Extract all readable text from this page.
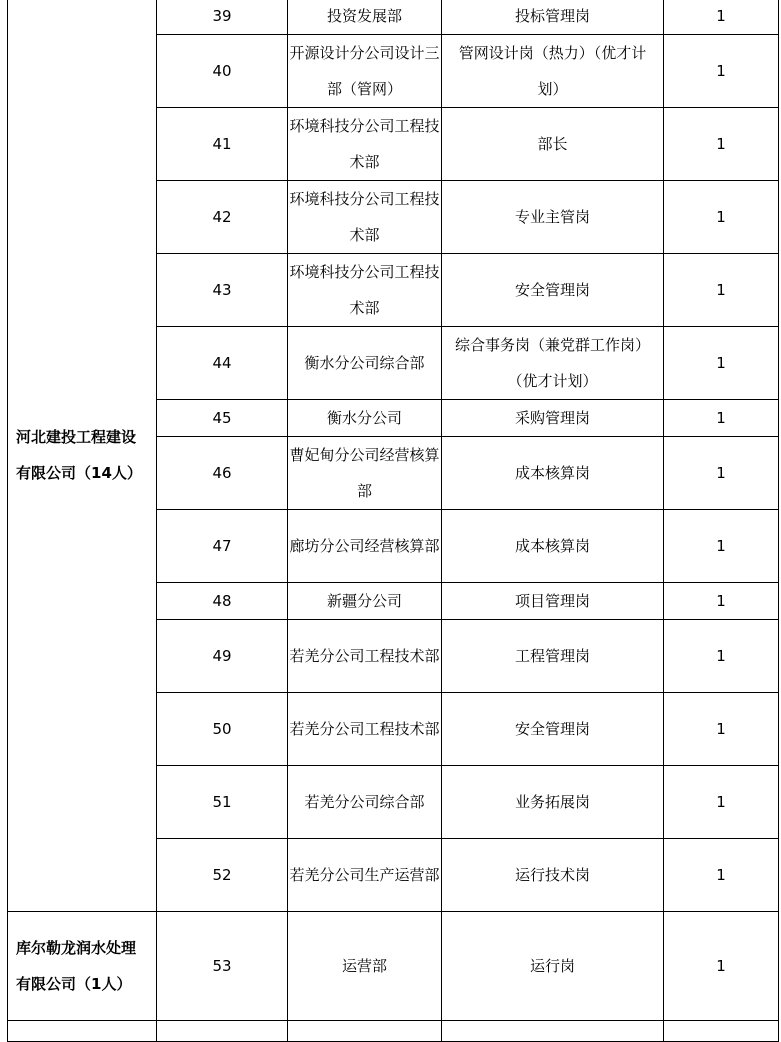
河北建投工程建设有限公司（14人）	39	投资发展部	投标管理岗	1
	40	开源设计分公司设计三部（管网）	管网设计岗（热力）（优才计划）	1
	41	环境科技分公司工程技术部	部长	1
	42	环境科技分公司工程技术部	专业主管岗	1
	43	环境科技分公司工程技术部	安全管理岗	1
	44	衡水分公司综合部	综合事务岗（兼党群工作岗）（优才计划）	1
	45	衡水分公司	采购管理岗	1
	46	曹妃甸分公司经营核算部	成本核算岗	1
	47	廊坊分公司经营核算部	成本核算岗	1
	48	新疆分公司	项目管理岗	1
	49	若羌分公司工程技术部	工程管理岗	1
	50	若羌分公司工程技术部	安全管理岗	1
	51	若羌分公司综合部	业务拓展岗	1
	52	若羌分公司生产运营部	运行技术岗	1
库尔勒龙润水处理有限公司（1人）	53	运营部	运行岗	1
